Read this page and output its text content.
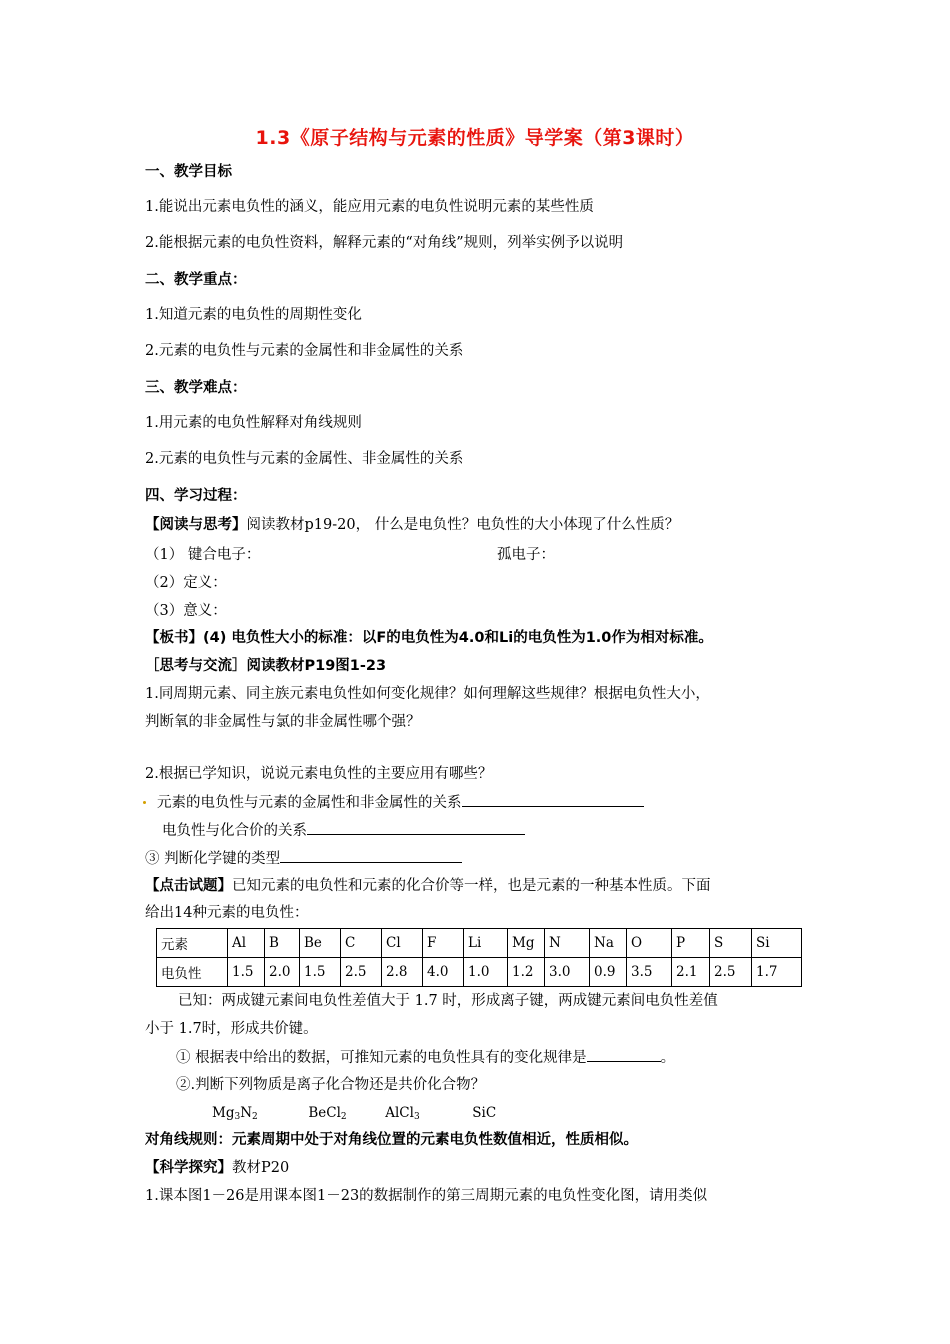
1.3《原子结构与元素的性质》导学案（第3课时）
一、教学目标
1.能说出元素电负性的涵义，能应用元素的电负性说明元素的某些性质
2.能根据元素的电负性资料，解释元素的“对角线”规则，列举实例予以说明
二、教学重点：
1.知道元素的电负性的周期性变化
2.元素的电负性与元素的金属性和非金属性的关系
三、教学难点：
1.用元素的电负性解释对角线规则
2.元素的电负性与元素的金属性、非金属性的关系
四、学习过程：
【阅读与思考】阅读教材p19-20， 什么是电负性？电负性的大小体现了什么性质？
（1） 键合电子：	孤电子：
（2）定义：
（3）意义：
【板书】(4) 电负性大小的标准：以F的电负性为4.0和Li的电负性为1.0作为相对标准。
［思考与交流］阅读教材P19图1-23
1.同周期元素、同主族元素电负性如何变化规律？如何理解这些规律？根据电负性大小，
判断氧的非金属性与氯的非金属性哪个强？
2.根据已学知识，说说元素电负性的主要应用有哪些？
元素的电负性与元素的金属性和非金属性的关系
电负性与化合价的关系
③ 判断化学键的类型
【点击试题】已知元素的电负性和元素的化合价等一样，也是元素的一种基本性质。下面
给出14种元素的电负性：
元素	Al	B	Be	C	Cl	F	Li	Mg	N	Na	O	P	S	Si
电负性	1.5	2.0	1.5	2.5	2.8	4.0	1.0	1.2	3.0	0.9	3.5	2.1	2.5	1.7
已知：两成键元素间电负性差值大于 1.7 时，形成离子键，两成键元素间电负性差值
小于 1.7时，形成共价键。
① 根据表中给出的数据，可推知元素的电负性具有的变化规律是	。
②.判断下列物质是离子化合物还是共价化合物？
$Mg_3N_2$	BeCl$_2$	AlCl$_3$	SiC
对角线规则：元素周期中处于对角线位置的元素电负性数值相近，性质相似。
【科学探究】教材P20
1.课本图1－26是用课本图1－23的数据制作的第三周期元素的电负性变化图，请用类似
